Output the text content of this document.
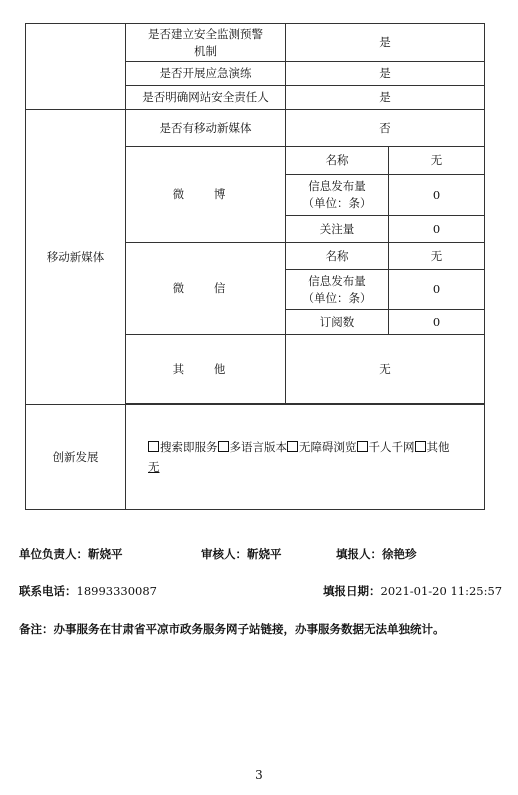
	是否建立安全监测预警机制	是	
	是否开展应急演练	是	
	是否明确网站安全责任人	是	
移动新媒体	是否有移动新媒体	否	
	微 博	名称	无
		信息发布量（单位：条）	0
		关注量	0
	微 信	名称	无
		信息发布量（单位：条）	0
		订阅数	0
	其 他	无	

创新发展	搜索即服务 多语言版本 无障碍浏览 千人千网 其他
无		
单位负责人：靳娆平	审核人：靳娆平	填报人：徐艳珍
联系电话：18993330087	填报日期：2021-01-20 11:25:57
备注：办事服务在甘肃省平凉市政务服务网子站链接，办事服务数据无法单独统计。
3
